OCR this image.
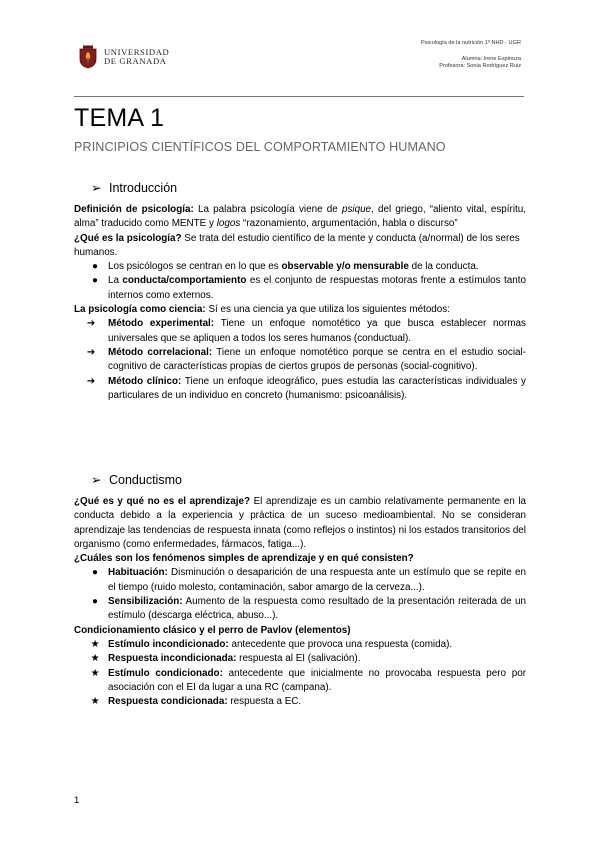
UNIVERSIDAD
DE GRANADA
Psicología de la nutrición 1º NHD - UGR
Alumna: Irene Espinoza
Profesora: Sonia Rodríguez Ruiz
TEMA 1
PRINCIPIOS CIENTÍFICOS DEL COMPORTAMIENTO HUMANO
➢ Introducción

Definición de psicología: La palabra psicología viene de psique, del griego, “aliento vital, espíritu, alma” traducido como MENTE y logos “razonamiento, argumentación, habla o discurso”

¿Qué es la psicología? Se trata del estudio científico de la mente y conducta (a/normal) de los seres humanos.

●	Los psicólogos se centran en lo que es observable y/o mensurable de la conducta.
●	La conducta/comportamiento es el conjunto de respuestas motoras frente a estímulos tanto internos como externos.

La psicología como ciencia: Sí es una ciencia ya que utiliza los siguientes métodos:

➔ Método experimental: Tiene un enfoque nomotético ya que busca establecer normas universales que se apliquen a todos los seres humanos (conductual).
➔ Método correlacional: Tiene un enfoque nomotético porque se centra en el estudio social-cognitivo de características propias de ciertos grupos de personas (social-cognitivo).
➔ Método clínico: Tiene un enfoque ideográfico, pues estudia las características individuales y particulares de un individuo en concreto (humanismo: psicoanálisis).
➢ Conductismo

¿Qué es y qué no es el aprendizaje? El aprendizaje es un cambio relativamente permanente en la conducta debido a la experiencia y práctica de un suceso medioambiental. No se consideran aprendizaje las tendencias de respuesta innata (como reflejos o instintos) ni los estados transitorios del organismo (como enfermedades, fármacos, fatiga...).

¿Cuáles son los fenómenos simples de aprendizaje y en qué consisten?

●	Habituación: Disminución o desaparición de una respuesta ante un estímulo que se repite en el tiempo (ruido molesto, contaminación, sabor amargo de la cerveza...).
●	Sensibilización: Aumento de la respuesta como resultado de la presentación reiterada de un estímulo (descarga eléctrica, abuso...).

Condicionamiento clásico y el perro de Pavlov (elementos)

★ Estímulo incondicionado: antecedente que provoca una respuesta (comida).
★ Respuesta incondicionada: respuesta al EI (salivación).
★ Estímulo condicionado: antecedente que inicialmente no provocaba respuesta pero por asociación con el EI da lugar a una RC (campana).
★ Respuesta condicionada: respuesta a EC.
1
